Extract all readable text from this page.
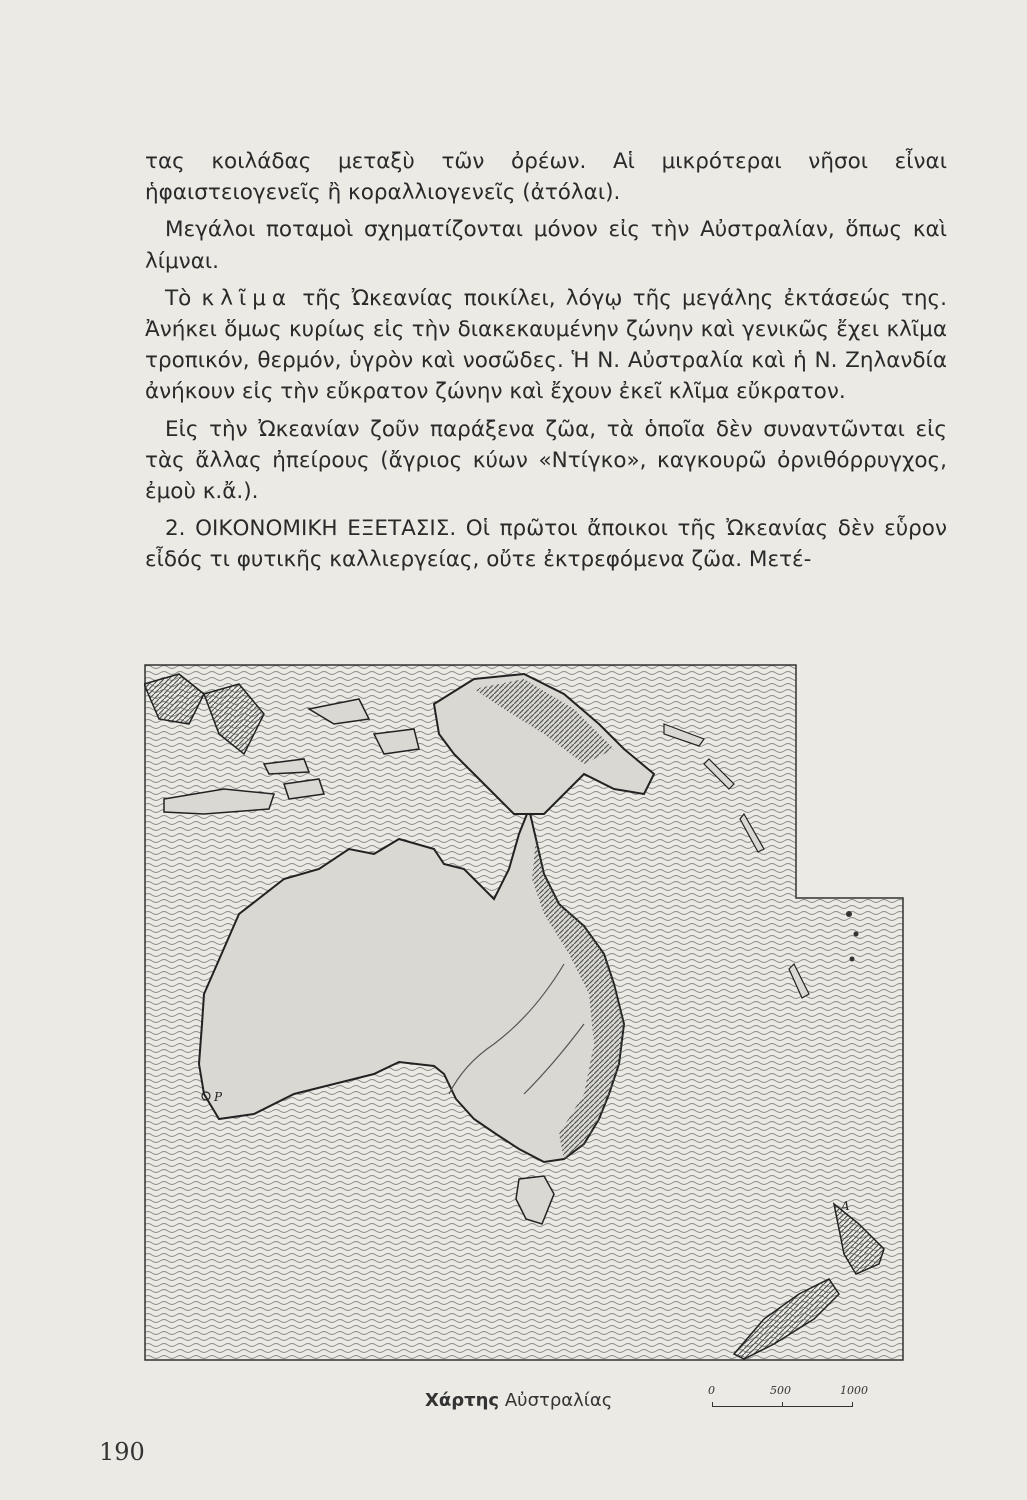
τας κοιλάδας μεταξὺ τῶν ὀρέων. Αἱ μικρότεραι νῆσοι εἶναι ἡφαιστειογενεῖς ἢ κοραλλιογενεῖς (ἀτόλαι).

Μεγάλοι ποταμοὶ σχηματίζονται μόνον εἰς τὴν Αὐστραλίαν, ὅπως καὶ λίμναι.

Τὸ κλῖμα τῆς Ὠκεανίας ποικίλει, λόγῳ τῆς μεγάλης ἐκτάσεώς της. Ἀνήκει ὅμως κυρίως εἰς τὴν διακεκαυμένην ζώνην καὶ γενικῶς ἔχει κλῖμα τροπικόν, θερμόν, ὑγρὸν καὶ νοσῶδες. Ἡ Ν. Αὐστραλία καὶ ἡ Ν. Ζηλανδία ἀνήκουν εἰς τὴν εὔκρατον ζώνην καὶ ἔχουν ἐκεῖ κλῖμα εὔκρατον.

Εἰς τὴν Ὠκεανίαν ζοῦν παράξενα ζῶα, τὰ ὁποῖα δὲν συναντῶνται εἰς τὰς ἄλλας ἠπείρους (ἄγριος κύων «Ντίγκο», καγκουρῶ ὀρνιθόρρυγχος, ἐμοὺ κ.ἄ.).

2. ΟΙΚΟΝΟΜΙΚΗ ΕΞΕΤΑΣΙΣ. Οἱ πρῶτοι ἄποικοι τῆς Ὠκεανίας δὲν εὗρον εἶδός τι φυτικῆς καλλιεργείας, οὔτε ἐκτρεφόμενα ζῶα. Μετέ-

P
A
Χάρτης Αὐστραλίας	0	500	1000
190
